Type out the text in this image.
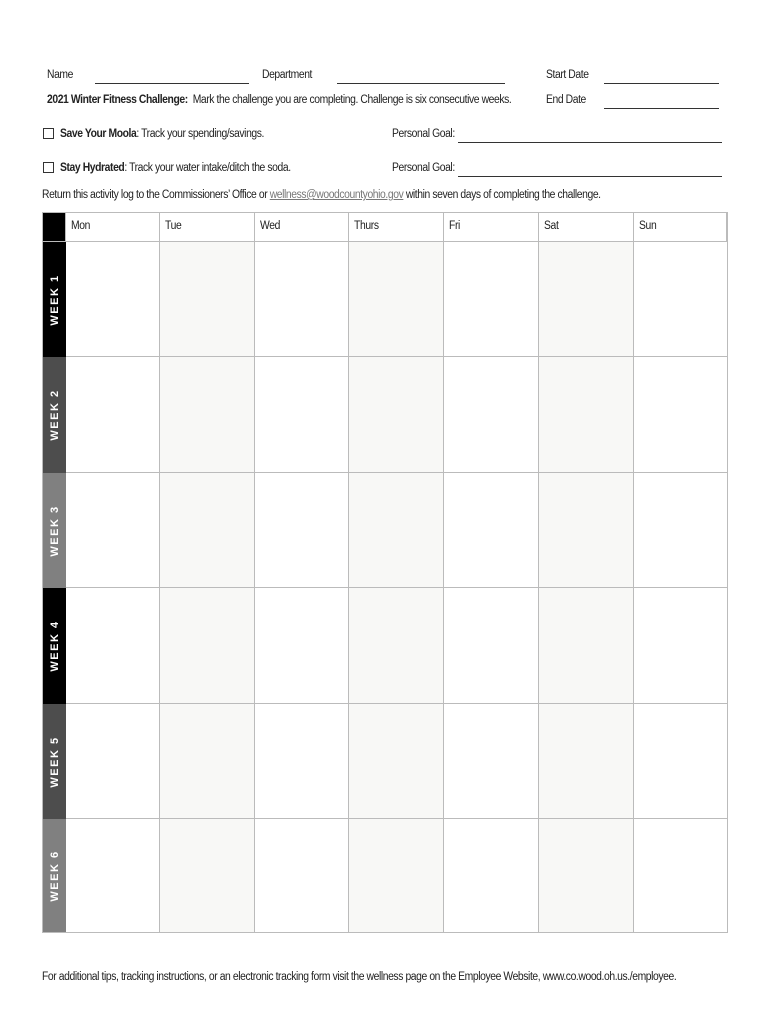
Name	Department	Start Date
2021 Winter Fitness Challenge: Mark the challenge you are completing. Challenge is six consecutive weeks.	End Date
Save Your Moola: Track your spending/savings.	Personal Goal:
Stay Hydrated: Track your water intake/ditch the soda.	Personal Goal:
Return this activity log to the Commissioners’ Office or wellness@woodcountyohio.gov within seven days of completing the challenge.
Mon	Tue	Wed	Thurs	Fri	Sat	Sun
WEEK 1
WEEK 2
WEEK 3
WEEK 4
WEEK 5
WEEK 6
For additional tips, tracking instructions, or an electronic tracking form visit the wellness page on the Employee Website, www.co.wood.oh.us./employee.
